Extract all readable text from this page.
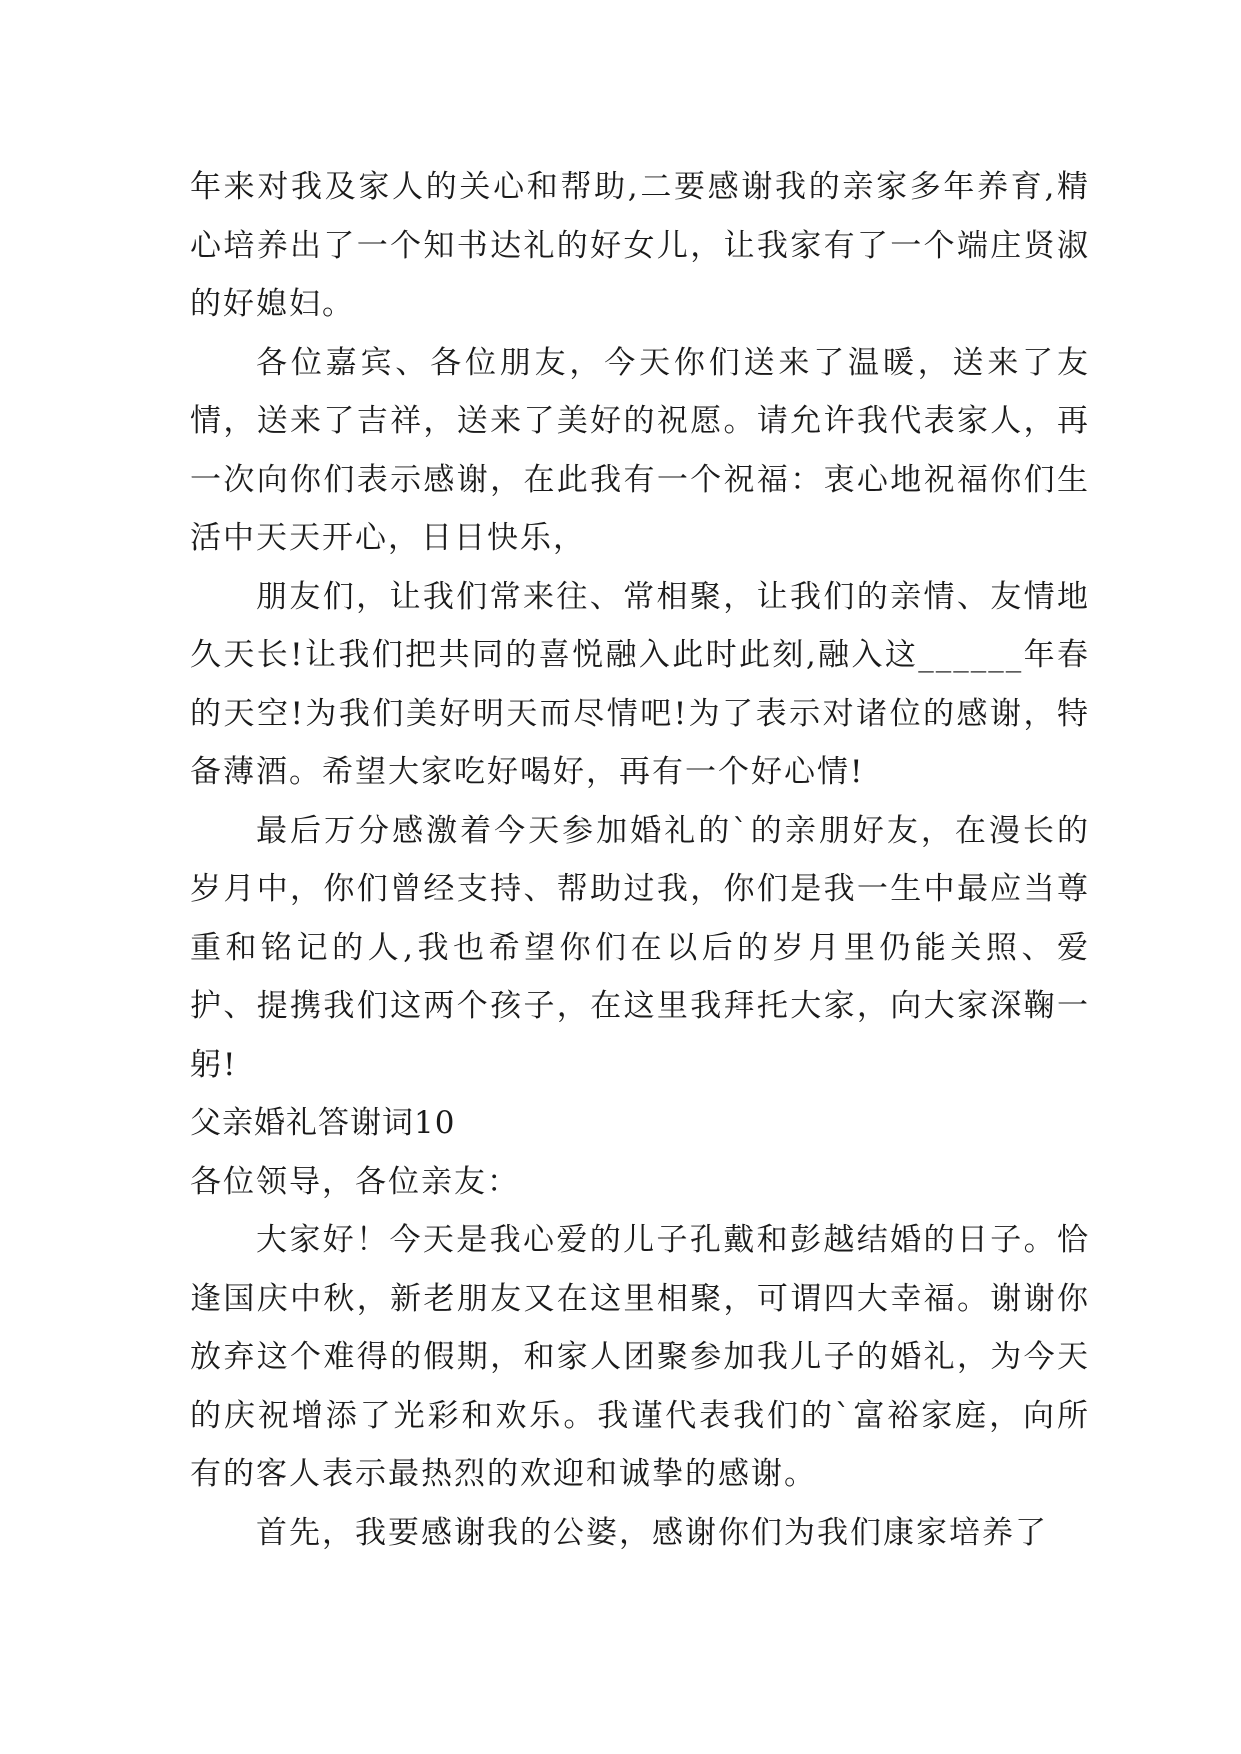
年来对我及家人的关心和帮助,二要感谢我的亲家多年养育,精心培养出了一个知书达礼的好女儿，让我家有了一个端庄贤淑的好媳妇。

各位嘉宾、各位朋友，今天你们送来了温暖，送来了友情，送来了吉祥，送来了美好的祝愿。请允许我代表家人，再一次向你们表示感谢，在此我有一个祝福：衷心地祝福你们生活中天天开心，日日快乐，

朋友们，让我们常来往、常相聚，让我们的亲情、友情地久天长!让我们把共同的喜悦融入此时此刻,融入这______年春的天空!为我们美好明天而尽情吧!为了表示对诸位的感谢，特备薄酒。希望大家吃好喝好，再有一个好心情!

最后万分感激着今天参加婚礼的`的亲朋好友，在漫长的岁月中，你们曾经支持、帮助过我，你们是我一生中最应当尊重和铭记的人,我也希望你们在以后的岁月里仍能关照、爱护、提携我们这两个孩子，在这里我拜托大家，向大家深鞠一躬!

父亲婚礼答谢词10

各位领导，各位亲友：

大家好！今天是我心爱的儿子孔戴和彭越结婚的日子。恰逢国庆中秋，新老朋友又在这里相聚，可谓四大幸福。谢谢你放弃这个难得的假期，和家人团聚参加我儿子的婚礼，为今天的庆祝增添了光彩和欢乐。我谨代表我们的`富裕家庭，向所有的客人表示最热烈的欢迎和诚挚的感谢。

首先，我要感谢我的公婆，感谢你们为我们康家培养了
